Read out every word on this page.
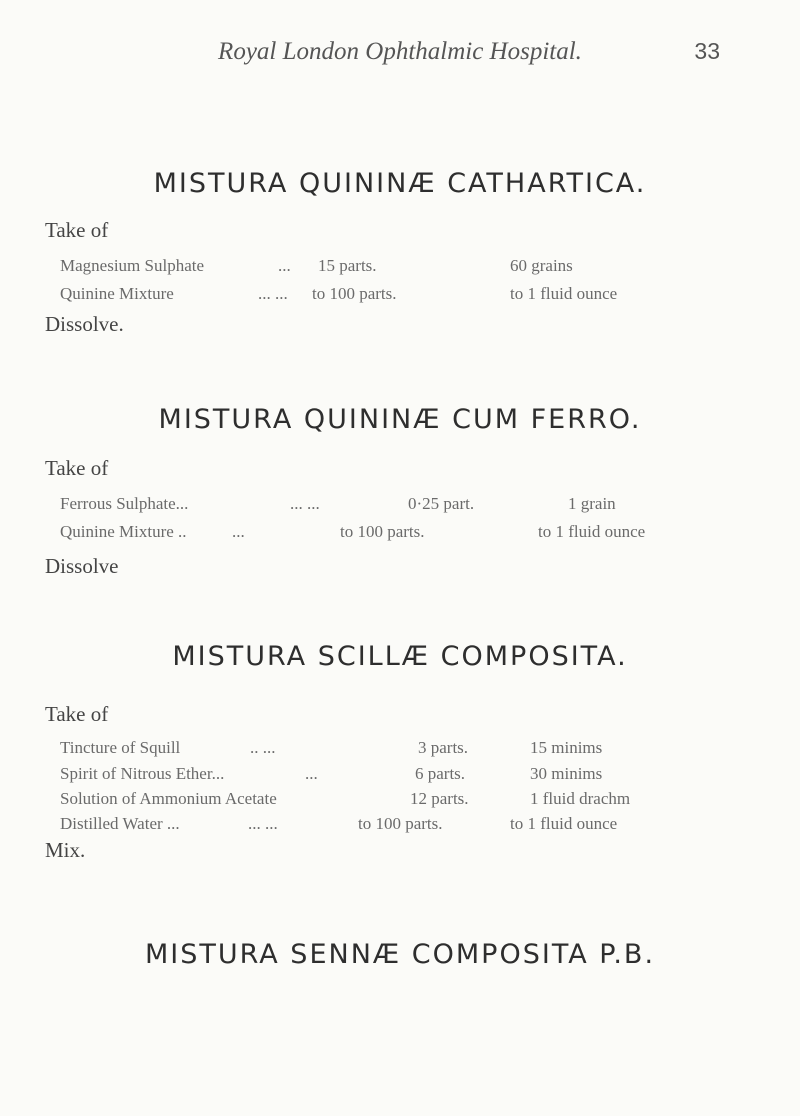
Royal London Ophthalmic Hospital.	33
MISTURA QUININÆ CATHARTICA.
Take of
Magnesium Sulphate	... 15 parts.	60 grains
Quinine Mixture	... ... to 100 parts.	to 1 fluid ounce
Dissolve.
MISTURA QUININÆ CUM FERRO.
Take of
Ferrous Sulphate...	... ...	0·25 part.	1 grain
Quinine Mixture ..	...	to 100 parts.	to 1 fluid ounce
Dissolve
MISTURA SCILLÆ COMPOSITA.
Take of
Tincture of Squill	.. ...	3 parts.	15 minims
Spirit of Nitrous Ether...	...	6 parts.	30 minims
Solution of Ammonium Acetate	12 parts.	1 fluid drachm
Distilled Water ...	... ...	to 100 parts.	to 1 fluid ounce
Mix.
MISTURA SENNÆ COMPOSITA P.B.
